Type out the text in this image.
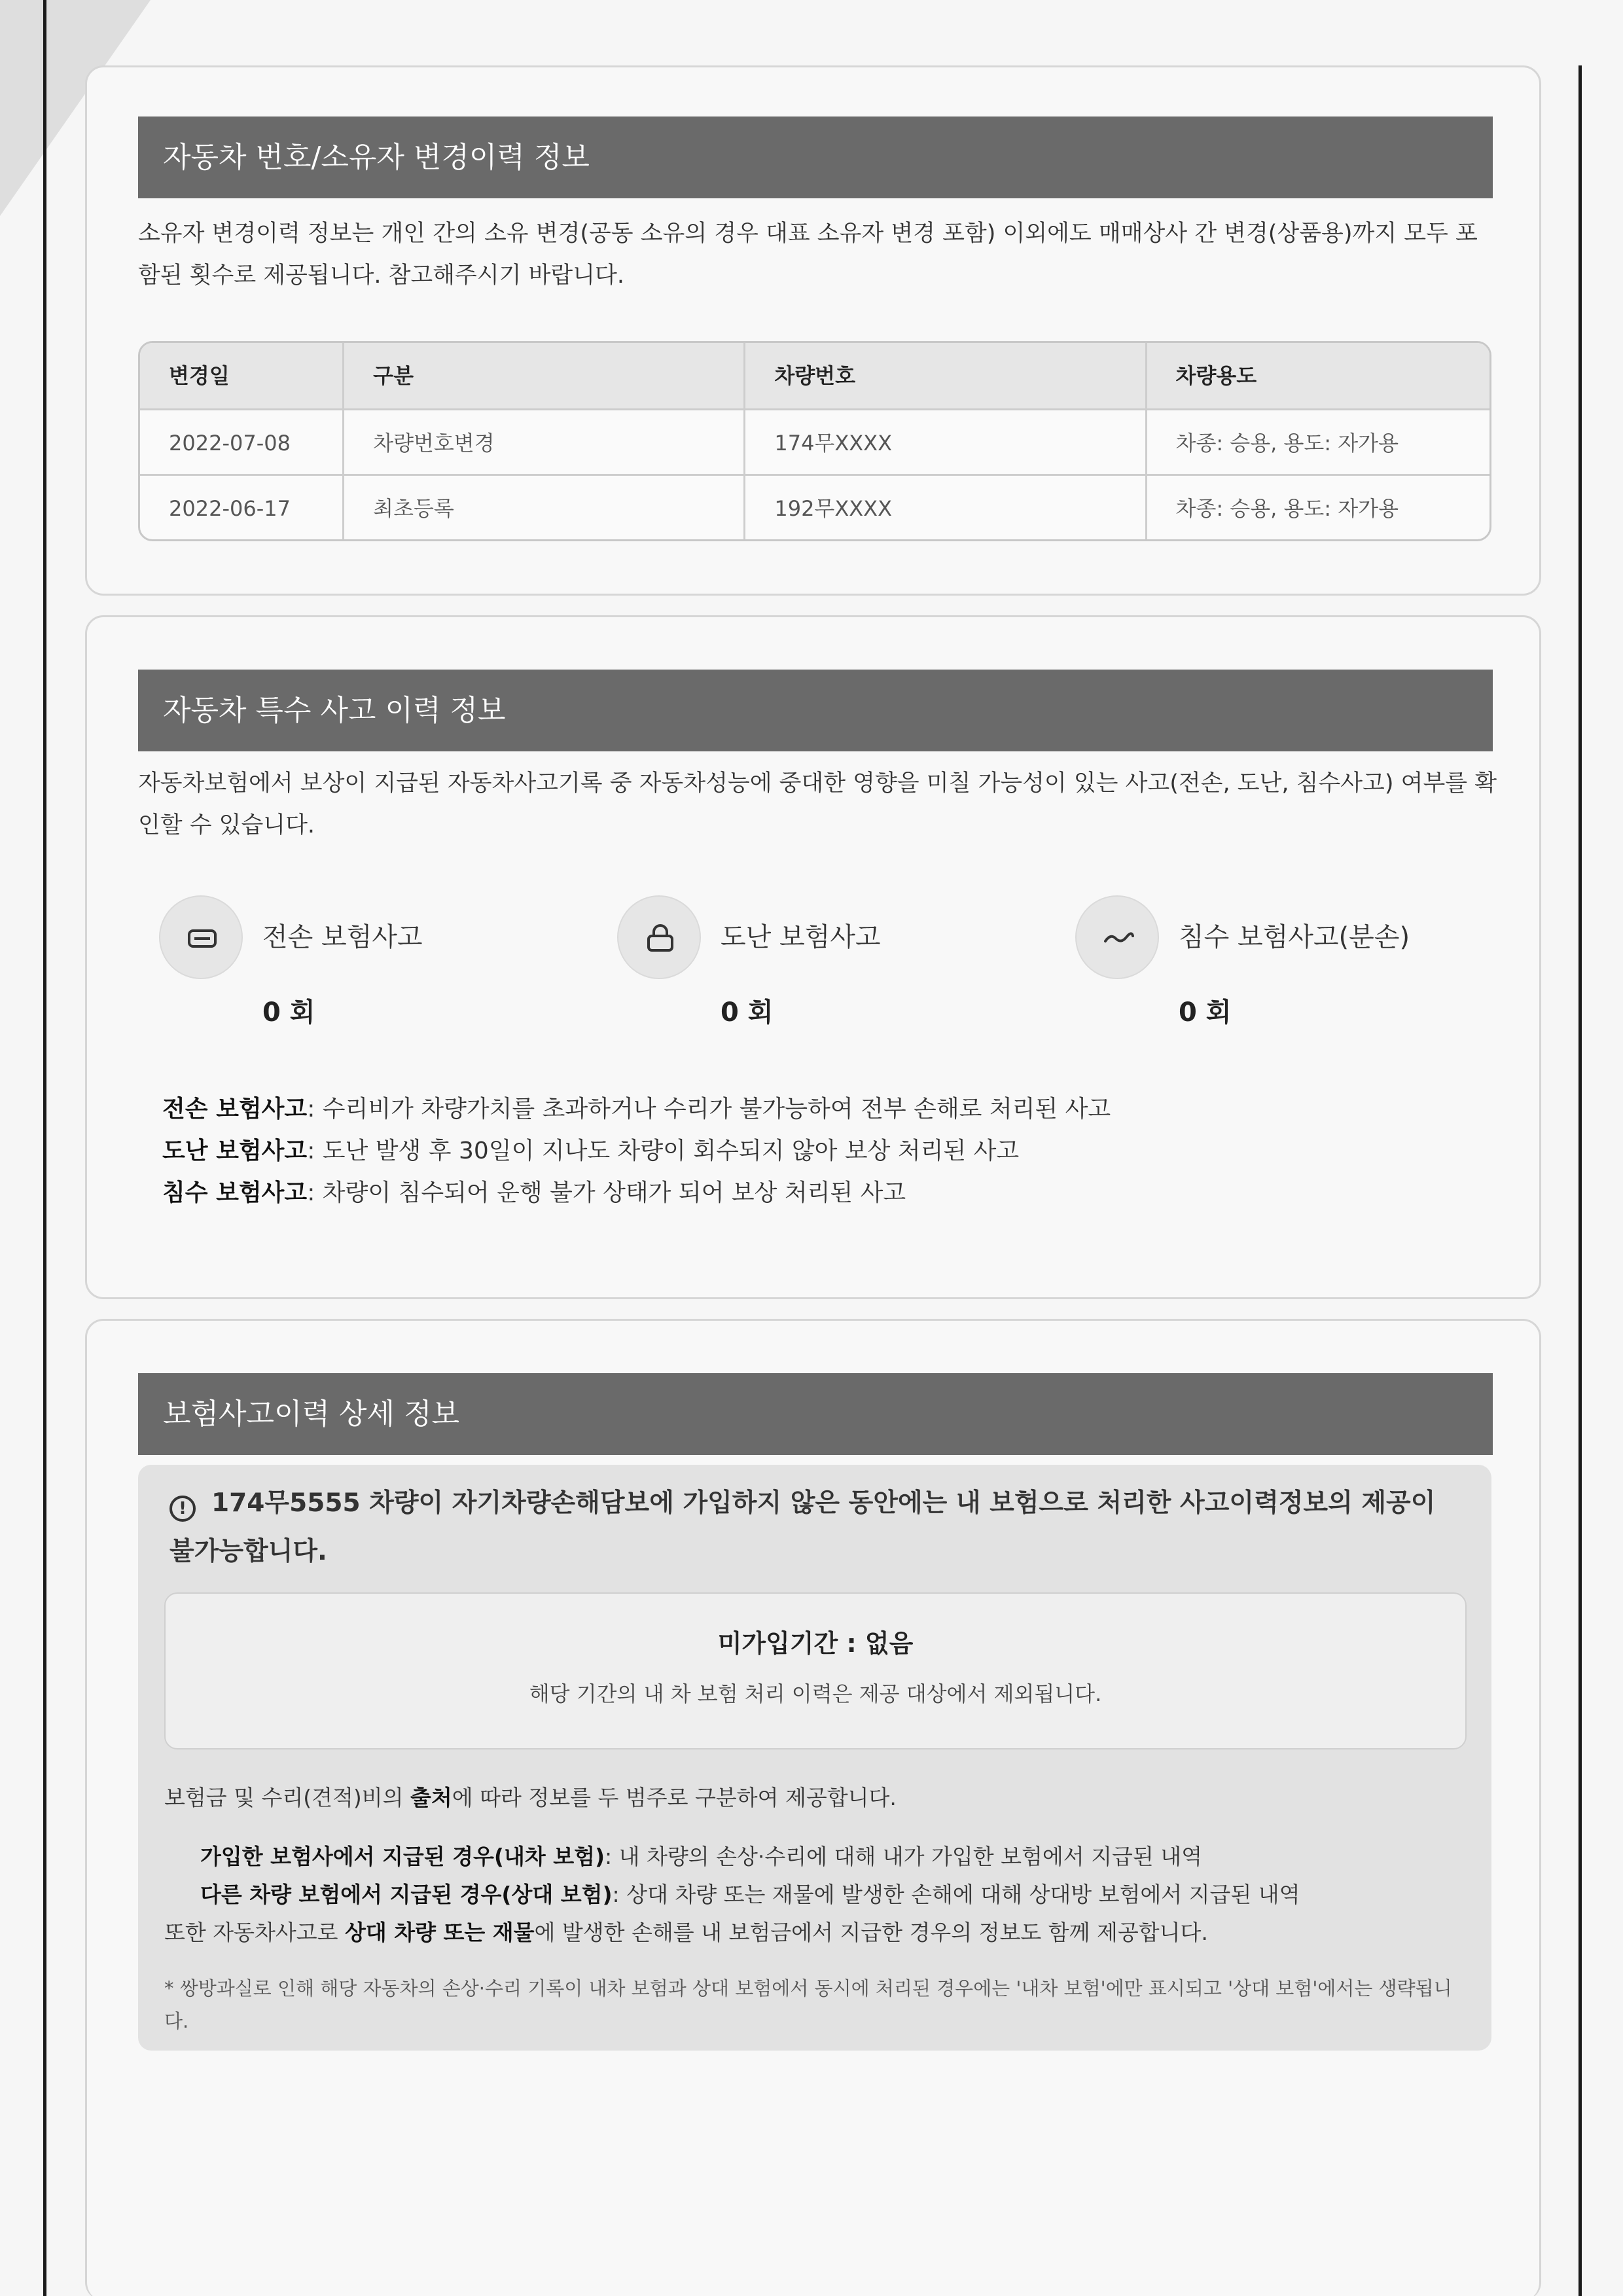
자동차 번호/소유자 변경이력 정보
소유자 변경이력 정보는 개인 간의 소유 변경(공동 소유의 경우 대표 소유자 변경 포함) 이외에도 매매상사 간 변경(상품용)까지 모두 포함된 횟수로 제공됩니다. 참고해주시기 바랍니다.
변경일	구분	차량번호	차량용도
2022-07-08	차량번호변경	174무XXXX	차종: 승용, 용도: 자가용
2022-06-17	최초등록	192무XXXX	차종: 승용, 용도: 자가용
자동차 특수 사고 이력 정보
자동차보험에서 보상이 지급된 자동차사고기록 중 자동차성능에 중대한 영향을 미칠 가능성이 있는 사고(전손, 도난, 침수사고) 여부를 확인할 수 있습니다.
전손 보험사고
0 회
도난 보험사고
0 회
침수 보험사고(분손)
0 회
전손 보험사고: 수리비가 차량가치를 초과하거나 수리가 불가능하여 전부 손해로 처리된 사고
도난 보험사고: 도난 발생 후 30일이 지나도 차량이 회수되지 않아 보상 처리된 사고
침수 보험사고: 차량이 침수되어 운행 불가 상태가 되어 보상 처리된 사고
보험사고이력 상세 정보
! 174무5555 차량이 자기차량손해담보에 가입하지 않은 동안에는 내 보험으로 처리한 사고이력정보의 제공이 불가능합니다.
미가입기간 : 없음
해당 기간의 내 차 보험 처리 이력은 제공 대상에서 제외됩니다.
보험금 및 수리(견적)비의 출처에 따라 정보를 두 범주로 구분하여 제공합니다.
가입한 보험사에서 지급된 경우(내차 보험): 내 차량의 손상·수리에 대해 내가 가입한 보험에서 지급된 내역
다른 차량 보험에서 지급된 경우(상대 보험): 상대 차량 또는 재물에 발생한 손해에 대해 상대방 보험에서 지급된 내역
또한 자동차사고로 상대 차량 또는 재물에 발생한 손해를 내 보험금에서 지급한 경우의 정보도 함께 제공합니다.
* 쌍방과실로 인해 해당 자동차의 손상·수리 기록이 내차 보험과 상대 보험에서 동시에 처리된 경우에는 '내차 보험'에만 표시되고 '상대 보험'에서는 생략됩니다.
